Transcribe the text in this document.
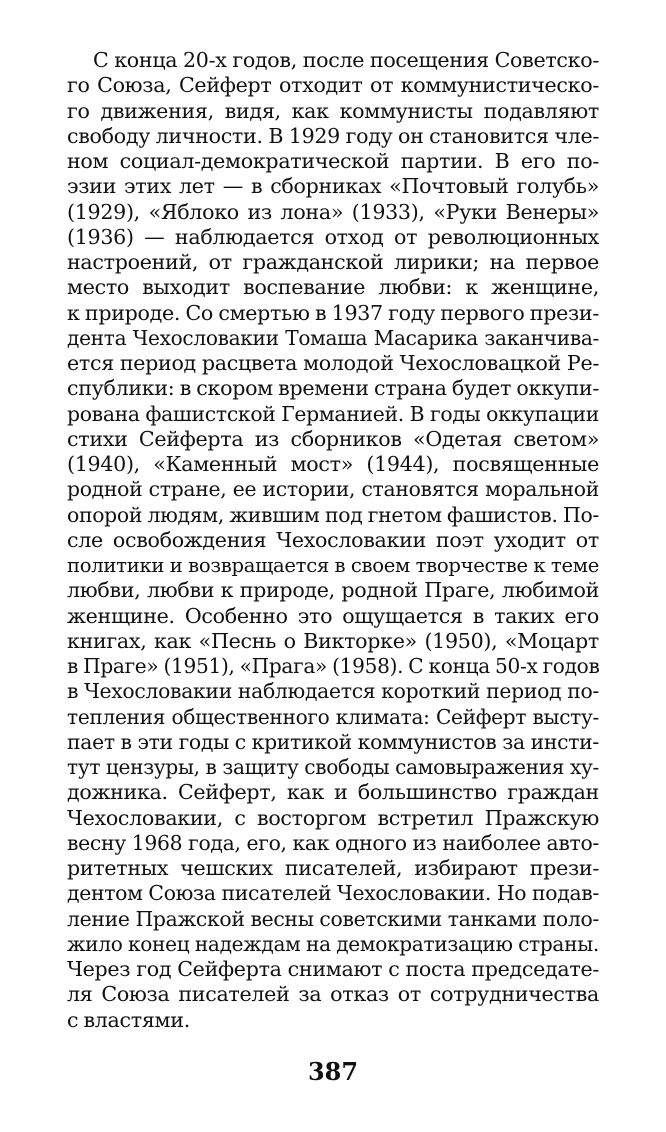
С конца 20-х годов, после посещения Советско-
го Союза, Сейферт отходит от коммунистическо-
го движения, видя, как коммунисты подавляют
свободу личности. В 1929 году он становится чле-
ном социал-демократической партии. В его по-
эзии этих лет — в сборниках «Почтовый голубь»
(1929), «Яблоко из лона» (1933), «Руки Венеры»
(1936) — наблюдается отход от революционных
настроений, от гражданской лирики; на первое
место выходит воспевание любви: к женщине,
к природе. Со смертью в 1937 году первого прези-
дента Чехословакии Томаша Масарика заканчива-
ется период расцвета молодой Чехословацкой Ре-
спублики: в скором времени страна будет оккупи-
рована фашистской Германией. В годы оккупации
стихи Сейферта из сборников «Одетая светом»
(1940), «Каменный мост» (1944), посвященные
родной стране, ее истории, становятся моральной
опорой людям, жившим под гнетом фашистов. По-
сле освобождения Чехословакии поэт уходит от
политики и возвращается в своем творчестве к теме
любви, любви к природе, родной Праге, любимой
женщине. Особенно это ощущается в таких его
книгах, как «Песнь о Викторке» (1950), «Моцарт
в Праге» (1951), «Прага» (1958). С конца 50-х годов
в Чехословакии наблюдается короткий период по-
тепления общественного климата: Сейферт высту-
пает в эти годы с критикой коммунистов за инсти-
тут цензуры, в защиту свободы самовыражения ху-
дожника. Сейферт, как и большинство граждан
Чехословакии, с восторгом встретил Пражскую
весну 1968 года, его, как одного из наиболее авто-
ритетных чешских писателей, избирают прези-
дентом Союза писателей Чехословакии. Но подав-
ление Пражской весны советскими танками поло-
жило конец надеждам на демократизацию страны.
Через год Сейферта снимают с поста председате-
ля Союза писателей за отказ от сотрудничества
с властями.
387
